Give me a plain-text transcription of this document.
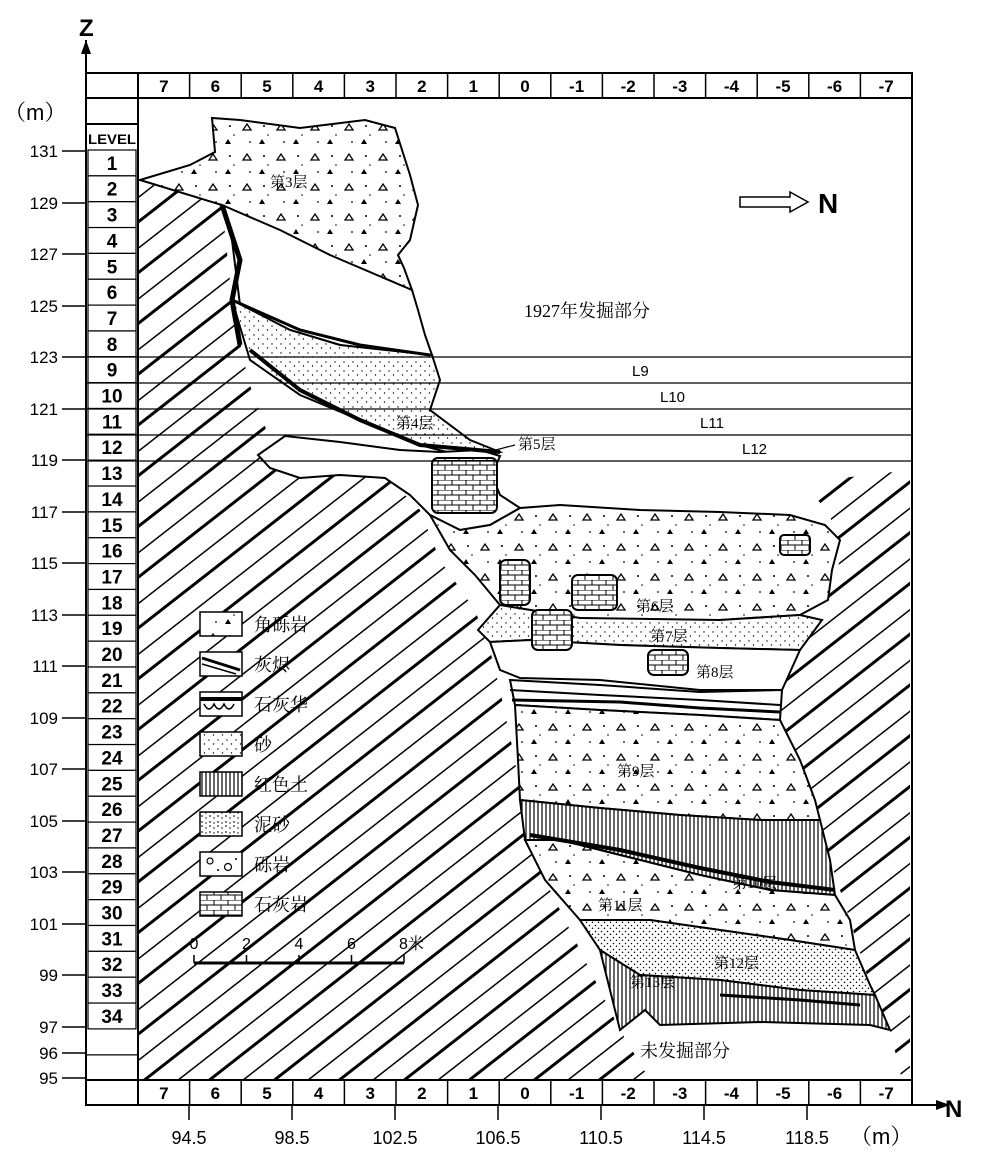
Z
（m）
N
（m）
LEVEL
7 6 5 4 3 2 1 0 -1 -2 -3 -4 -5 -6 -7
7 6 5 4 3 2 1 0 -1 -2 -3 -4 -5 -6 -7
1
2
3
4
5
6
7
8
9
10
11
12
13
14
15
16
17
18
19
20
21
22
23
24
25
26
27
28
29
30
31
32
33
34
131
129
127
125
123
121
119
117
115
113
111
109
107
105
103
101
99
97
96
95
94.5	98.5	102.5	106.5	110.5	114.5	118.5
L9
L10
L11
L12
N
1927年发掘部分
未发掘部分
第3层
第4层
第5层
第6层
第7层
第8层
第9层
第10层
第11层
第12层
第13层
角砾岩
灰烬
石灰华
砂
红色土
泥砂
砾岩
石灰岩
0	2	4	6	8米
